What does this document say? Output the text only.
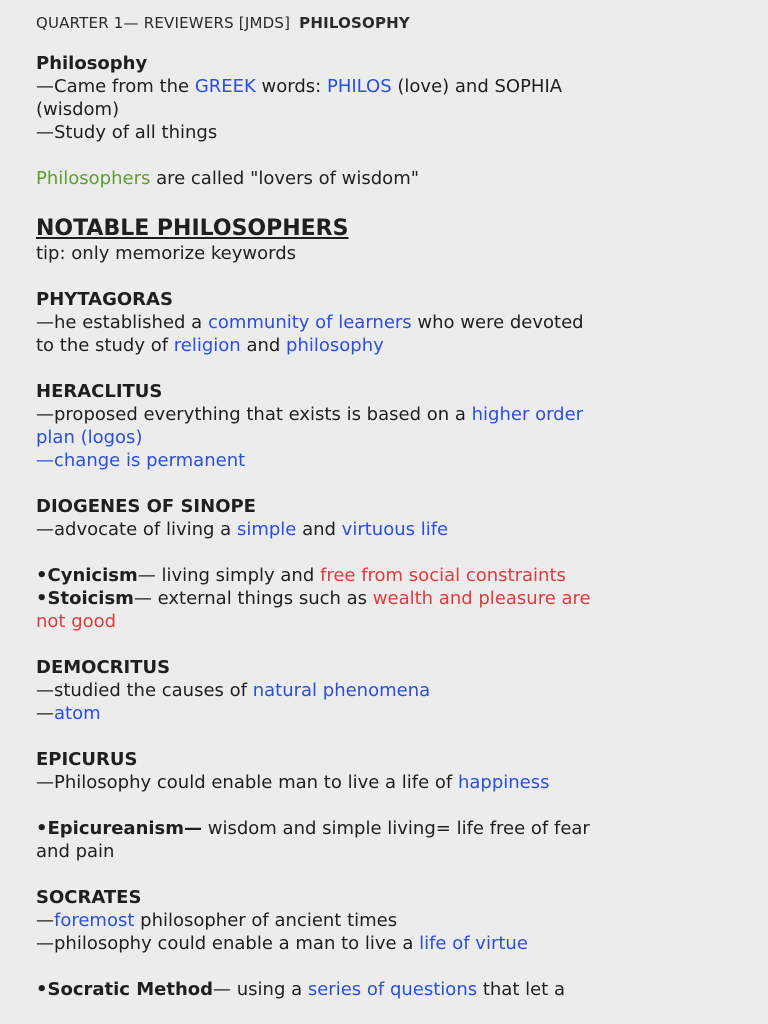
QUARTER 1— REVIEWERS [JMDS] PHILOSOPHY

Philosophy

—Came from the GREEK words: PHILOS (love) and SOPHIA

(wisdom)

—Study of all things

Philosophers are called "lovers of wisdom"

NOTABLE PHILOSOPHERS

tip: only memorize keywords

PHYTAGORAS

—he established a community of learners who were devoted

to the study of religion and philosophy

HERACLITUS

—proposed everything that exists is based on a higher order

plan (logos)

—change is permanent

DIOGENES OF SINOPE

—advocate of living a simple and virtuous life

•Cynicism— living simply and free from social constraints

•Stoicism— external things such as wealth and pleasure are

not good

DEMOCRITUS

—studied the causes of natural phenomena

—atom

EPICURUS

—Philosophy could enable man to live a life of happiness

•Epicureanism— wisdom and simple living= life free of fear

and pain

SOCRATES

—foremost philosopher of ancient times

—philosophy could enable a man to live a life of virtue

•Socratic Method— using a series of questions that let a
